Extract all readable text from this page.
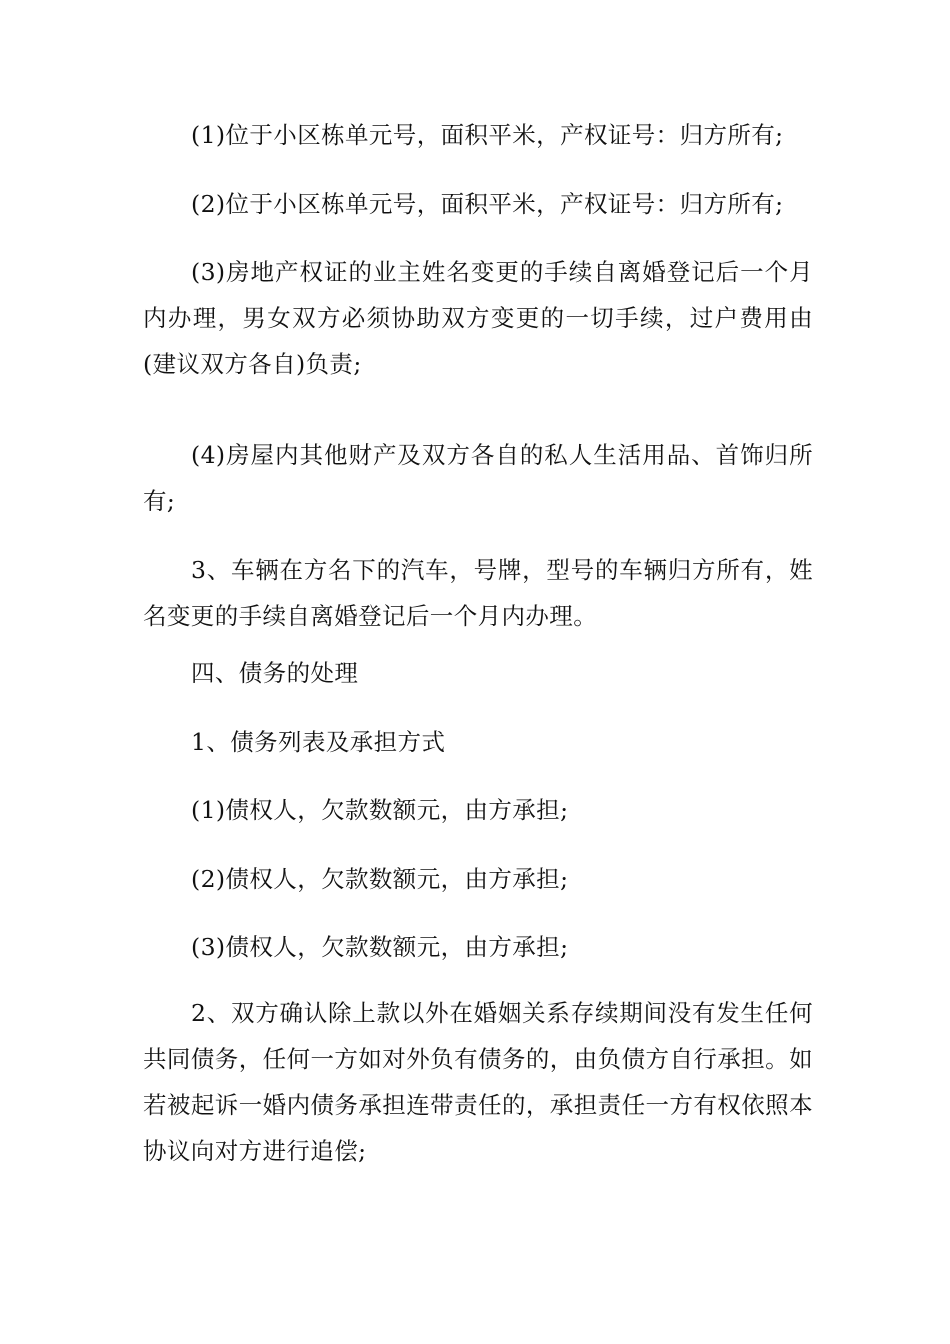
(1)位于小区栋单元号，面积平米，产权证号：归方所有;

(2)位于小区栋单元号，面积平米，产权证号：归方所有;

(3)房地产权证的业主姓名变更的手续自离婚登记后一个月内办理，男女双方必须协助双方变更的一切手续，过户费用由(建议双方各自)负责;

(4)房屋内其他财产及双方各自的私人生活用品、首饰归所有;

3、车辆在方名下的汽车，号牌，型号的车辆归方所有，姓名变更的手续自离婚登记后一个月内办理。

四、债务的处理

1、债务列表及承担方式

(1)债权人，欠款数额元，由方承担;

(2)债权人，欠款数额元，由方承担;

(3)债权人，欠款数额元，由方承担;

2、双方确认除上款以外在婚姻关系存续期间没有发生任何共同债务，任何一方如对外负有债务的，由负债方自行承担。如若被起诉一婚内债务承担连带责任的，承担责任一方有权依照本协议向对方进行追偿;
